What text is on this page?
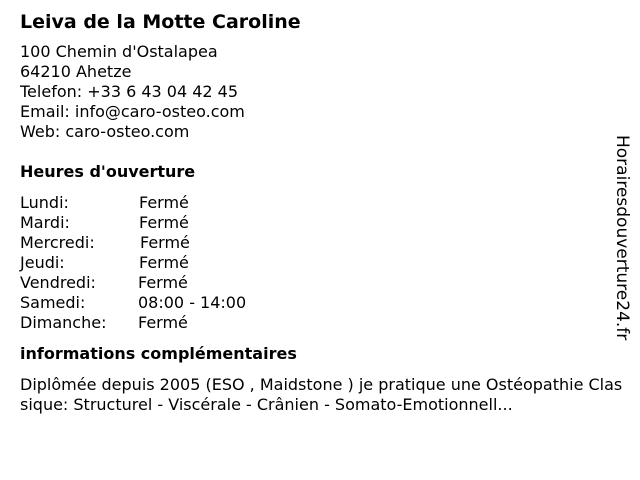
Leiva de la Motte Caroline
100 Chemin d'Ostalapea
64210 Ahetze
Telefon: +33 6 43 04 42 45
Email: info@caro-osteo.com
Web: caro-osteo.com
Heures d'ouverture
Lundi:	Fermé
Mardi:	Fermé
Mercredi:	Fermé
Jeudi:	Fermé
Vendredi:	Fermé
Samedi:	08:00 - 14:00
Dimanche:	Fermé
informations complémentaires
Diplômée depuis 2005 (ESO , Maidstone ) je pratique une Ostéopathie Classique: Structurel - Viscérale - Crânien - Somato-Emotionnell...
Horairesdouverture24.fr
